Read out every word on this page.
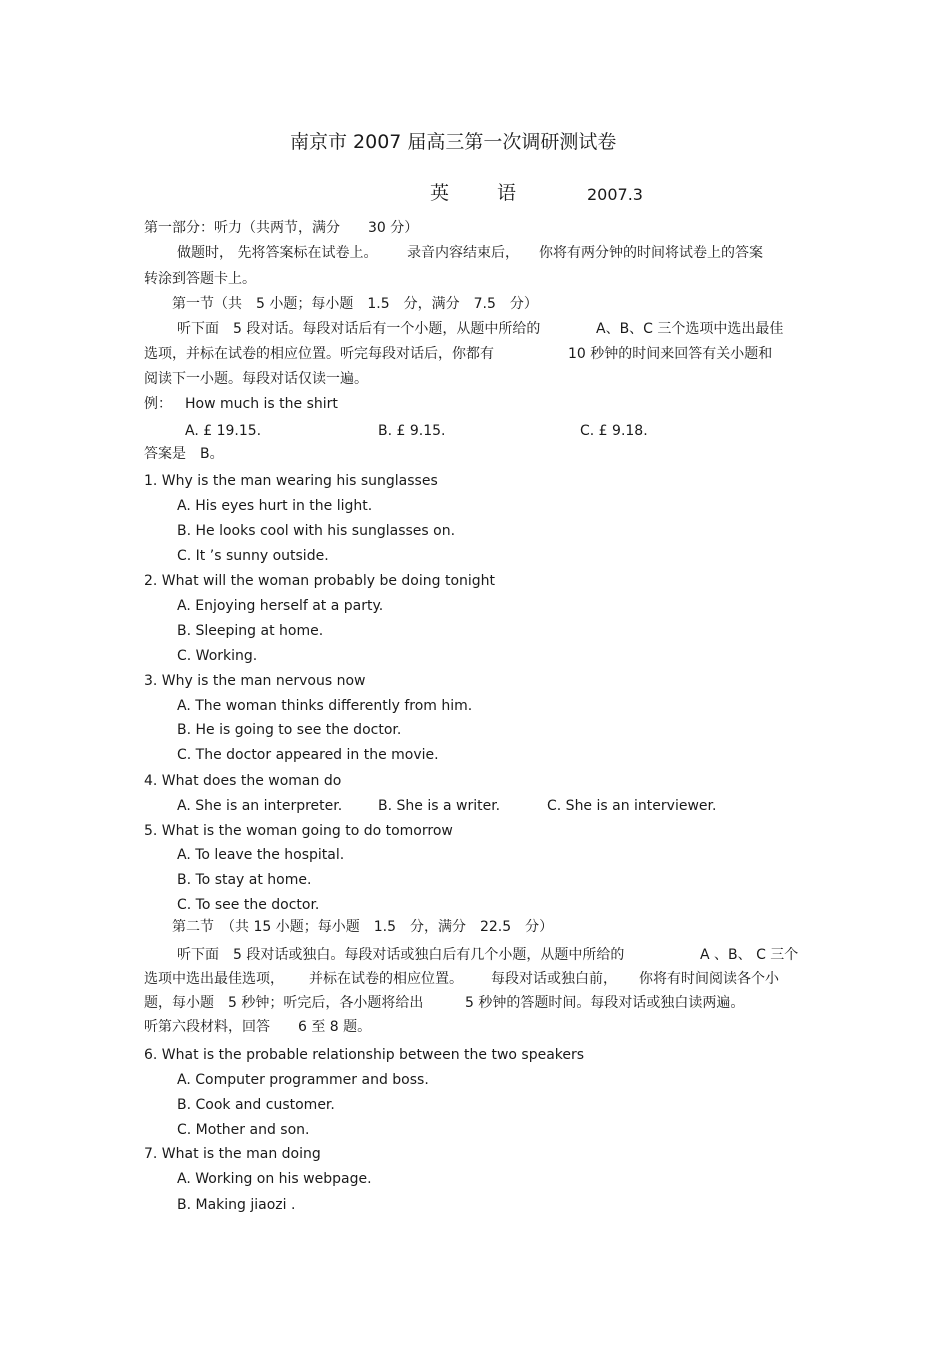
南京市 2007 届高三第一次调研测试卷
英	语	2007.3
第一部分：听力（共两节，满分　　30 分）
做题时， 先将答案标在试卷上。 录音内容结束后， 你将有两分钟的时间将试卷上的答案
转涂到答题卡上。
第一节（共　5 小题；每小题　1.5　分，满分　7.5　分）
听下面　5 段对话。每段对话后有一个小题，从题中所给的	A、B、C 三个选项中选出最佳
选项，并标在试卷的相应位置。听完每段对话后，你都有	10 秒钟的时间来回答有关小题和
阅读下一小题。每段对话仅读一遍。
例： How much is the shirt
A. £ 19.15.	B. £ 9.15.	C. £ 9.18.
答案是　B。
1. Why is the man wearing his sunglasses
A. His eyes hurt in the light.
B. He looks cool with his sunglasses on.
C. It ’s sunny outside.
2. What will the woman probably be doing tonight
A. Enjoying herself at a party.
B. Sleeping at home.
C. Working.
3. Why is the man nervous now
A. The woman thinks differently from him.
B. He is going to see the doctor.
C. The doctor appeared in the movie.
4. What does the woman do
A. She is an interpreter.	B. She is a writer.	C. She is an interviewer.
5. What is the woman going to do tomorrow
A. To leave the hospital.
B. To stay at home.
C. To see the doctor.
第二节　（共 15 小题；每小题　1.5　分，满分　22.5　分）
听下面　5 段对话或独白。每段对话或独白后有几个小题，从题中所给的	A 、B、 C 三个
选项中选出最佳选项， 并标在试卷的相应位置。 每段对话或独白前， 你将有时间阅读各个小
题，每小题　5 秒钟；听完后，各小题将给出	5 秒钟的答题时间。每段对话或独白读两遍。
听第六段材料，回答　　6 至 8 题。
6. What is the probable relationship between the two speakers
A. Computer programmer and boss.
B. Cook and customer.
C. Mother and son.
7. What is the man doing
A. Working on his webpage.
B. Making jiaozi .
